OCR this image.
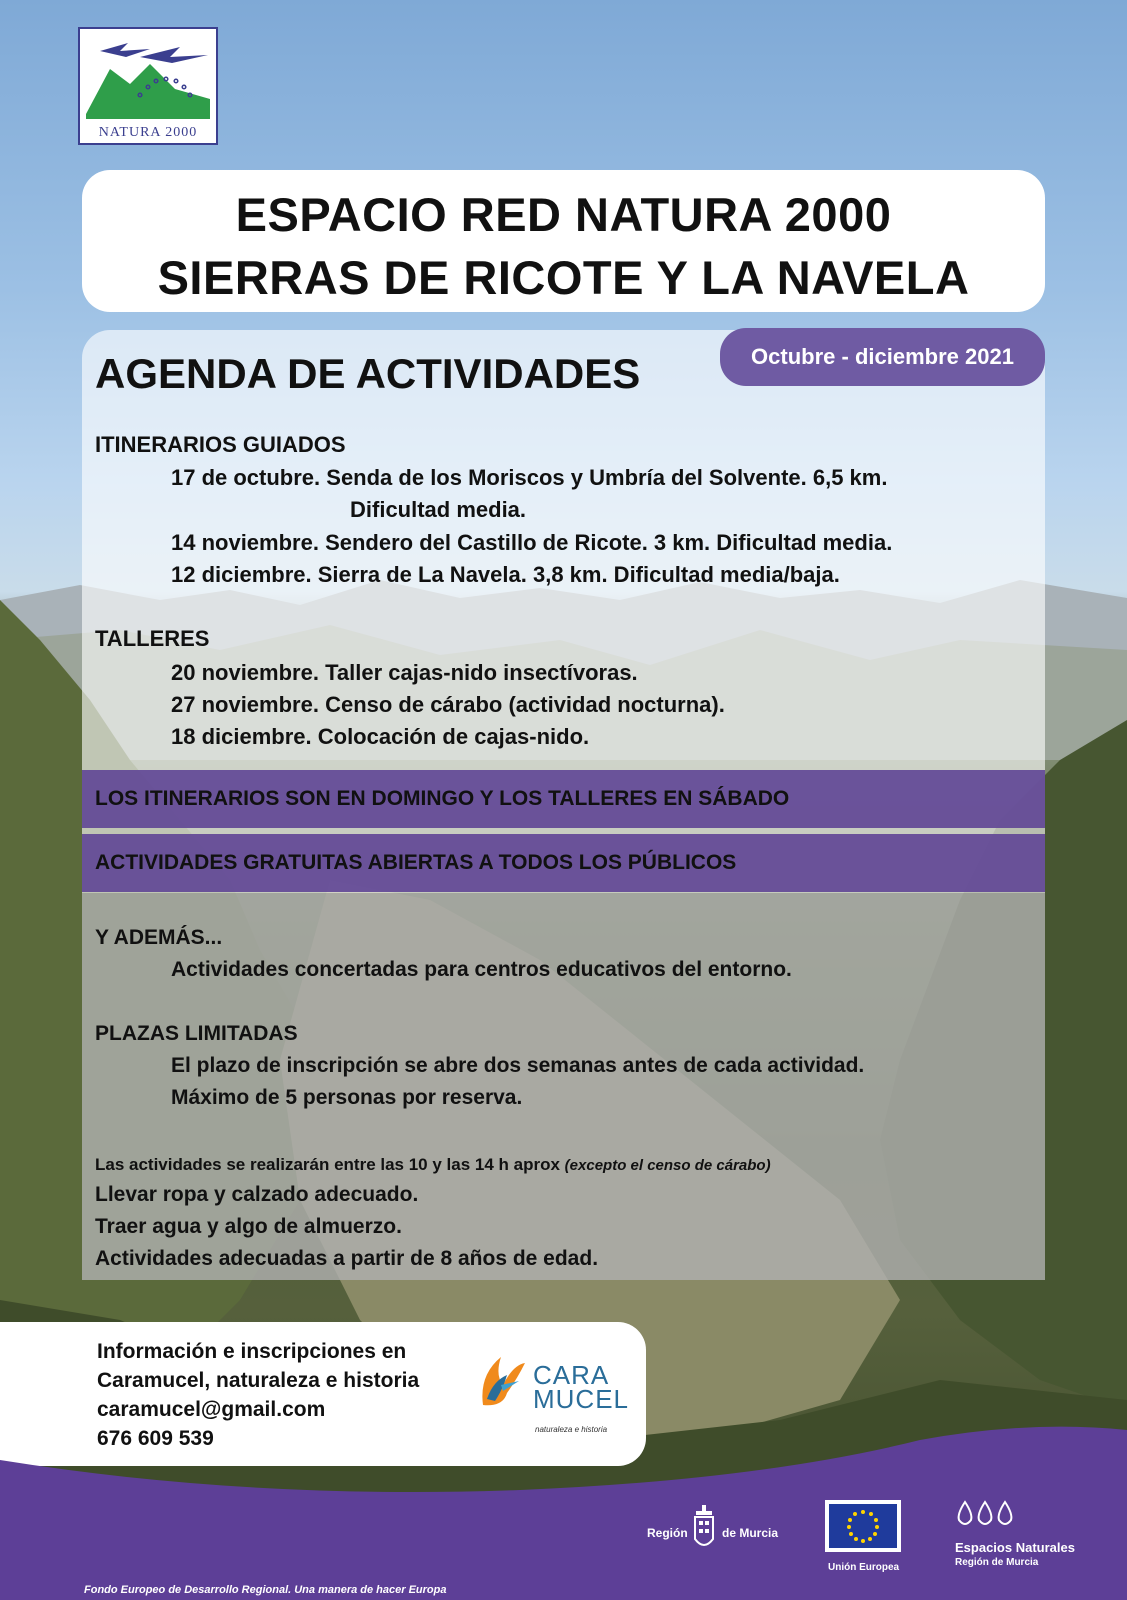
NATURA 2000
ESPACIO RED NATURA 2000
SIERRAS DE RICOTE Y LA NAVELA
Octubre - diciembre 2021
AGENDA DE ACTIVIDADES
ITINERARIOS GUIADOS
17 de octubre. Senda de los Moriscos y Umbría del Solvente. 6,5 km.
Dificultad media.
14 noviembre. Sendero del Castillo de Ricote. 3 km. Dificultad media.
12 diciembre. Sierra de La Navela. 3,8 km. Dificultad media/baja.
TALLERES
20 noviembre. Taller cajas-nido insectívoras.
27 noviembre. Censo de cárabo (actividad nocturna).
18 diciembre. Colocación de cajas-nido.
LOS ITINERARIOS SON EN DOMINGO Y LOS TALLERES EN SÁBADO
ACTIVIDADES GRATUITAS ABIERTAS A TODOS LOS PÚBLICOS
Y ADEMÁS...
Actividades concertadas para centros educativos del entorno.
PLAZAS LIMITADAS
El plazo de inscripción se abre dos semanas antes de cada actividad.
Máximo de 5 personas por reserva.
Las actividades se realizarán entre las 10 y las 14 h aprox (excepto el censo de cárabo)
Llevar ropa y calzado adecuado.
Traer agua y algo de almuerzo.
Actividades adecuadas a partir de 8 años de edad.
Información e inscripciones en
Caramucel, naturaleza e historia
caramucel@gmail.com
676 609 539
CARA
MUCEL
naturaleza e historia
Región	de Murcia
Unión Europea
Espacios Naturales
Región de Murcia
Fondo Europeo de Desarrollo Regional. Una manera de hacer Europa
